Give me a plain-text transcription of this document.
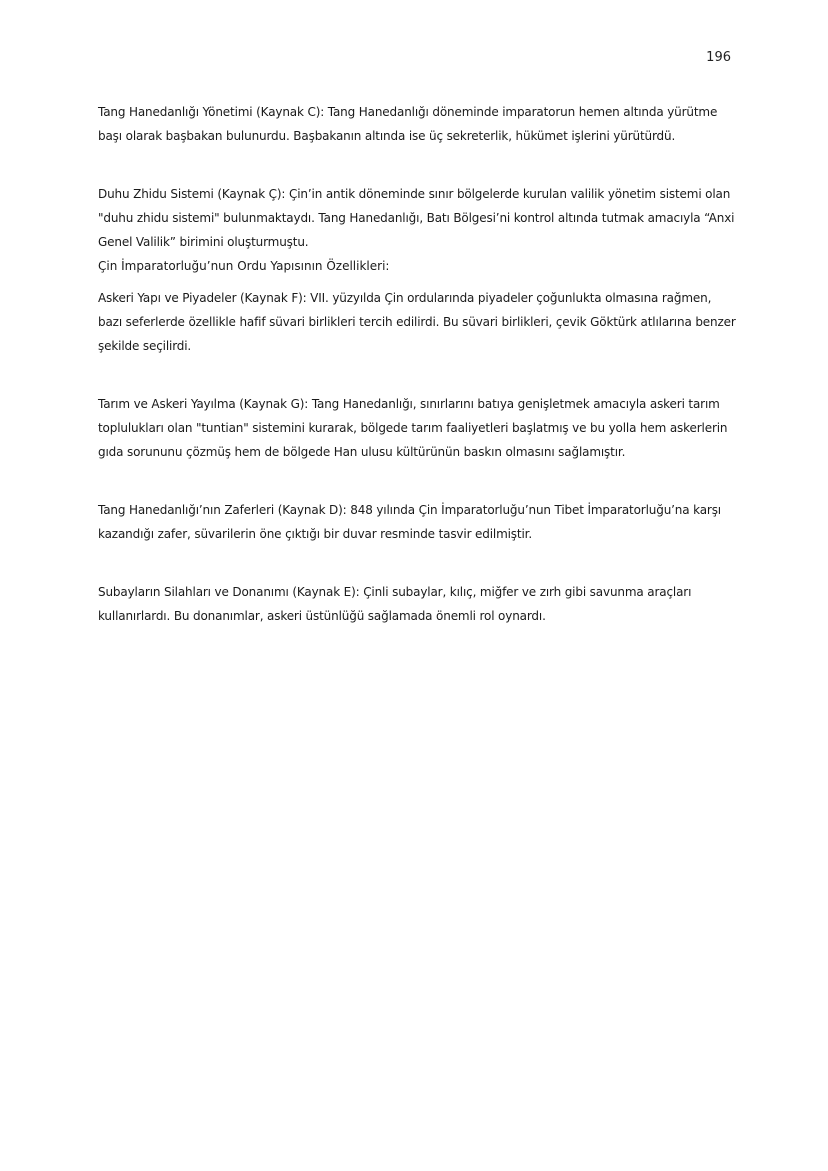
196

Tang Hanedanlığı Yönetimi (Kaynak C): Tang Hanedanlığı döneminde imparatorun hemen altında yürütme başı olarak başbakan bulunurdu. Başbakanın altında ise üç sekreterlik, hükümet işlerini yürütürdü.

Duhu Zhidu Sistemi (Kaynak Ç): Çin’in antik döneminde sınır bölgelerde kurulan valilik yönetim sistemi olan "duhu zhidu sistemi" bulunmaktaydı. Tang Hanedanlığı, Batı Bölgesi’ni kontrol altında tutmak amacıyla “Anxi Genel Valilik” birimini oluşturmuştu.

Çin İmparatorluğu’nun Ordu Yapısının Özellikleri:

Askeri Yapı ve Piyadeler (Kaynak F): VII. yüzyılda Çin ordularında piyadeler çoğunlukta olmasına rağmen, bazı seferlerde özellikle hafif süvari birlikleri tercih edilirdi. Bu süvari birlikleri, çevik Göktürk atlılarına benzer şekilde seçilirdi.

Tarım ve Askeri Yayılma (Kaynak G): Tang Hanedanlığı, sınırlarını batıya genişletmek amacıyla askeri tarım toplulukları olan "tuntian" sistemini kurarak, bölgede tarım faaliyetleri başlatmış ve bu yolla hem askerlerin gıda sorununu çözmüş hem de bölgede Han ulusu kültürünün baskın olmasını sağlamıştır.

Tang Hanedanlığı’nın Zaferleri (Kaynak D): 848 yılında Çin İmparatorluğu’nun Tibet İmparatorluğu’na karşı kazandığı zafer, süvarilerin öne çıktığı bir duvar resminde tasvir edilmiştir.

Subayların Silahları ve Donanımı (Kaynak E): Çinli subaylar, kılıç, miğfer ve zırh gibi savunma araçları kullanırlardı. Bu donanımlar, askeri üstünlüğü sağlamada önemli rol oynardı.
